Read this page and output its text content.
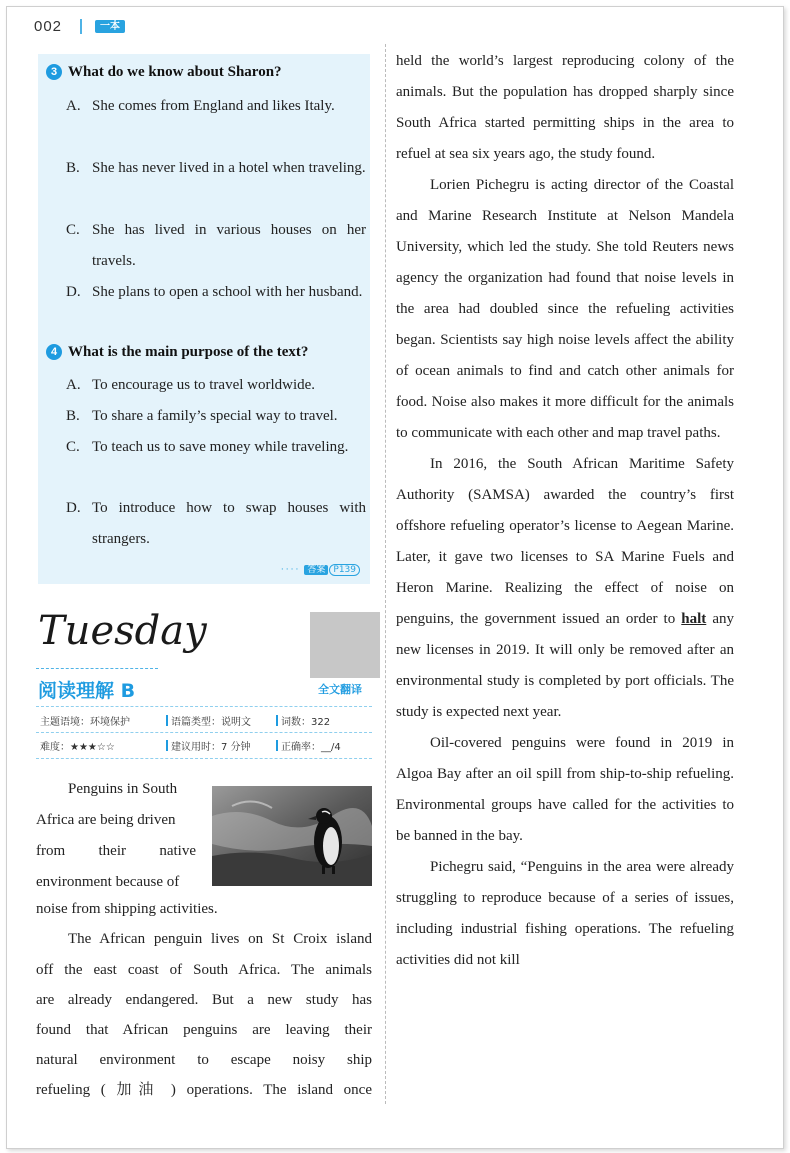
002	一本
3 What do we know about Sharon?
A. She comes from England and likes Italy.
B. She has never lived in a hotel when traveling.
C. She has lived in various houses on her travels.
D. She plans to open a school with her husband.
4 What is the main purpose of the text?
A. To encourage us to travel worldwide.
B. To share a family’s special way to travel.
C. To teach us to save money while traveling.
D. To introduce how to swap houses with strangers.
···· 答案 P139
Tuesday
阅读理解 B	全文翻译
主题语境：环境保护	语篇类型：说明文	词数：322
难度：★★★☆☆	建议用时：7 分钟	正确率：__/4
Penguins in South
Africa are being driven
from their native
environment because of
noise from shipping activities.
The African penguin lives on St Croix island
off the east coast of South Africa. The animals
are already endangered. But a new study has
found that African penguins are leaving their
natural environment to escape noisy ship
refueling ( 加油 ) operations. The island once

held the world’s largest reproducing colony of the animals. But the population has dropped sharply since South Africa started permitting ships in the area to refuel at sea six years ago, the study found.

Lorien Pichegru is acting director of the Coastal and Marine Research Institute at Nelson Mandela University, which led the study. She told Reuters news agency the organization had found that noise levels in the area had doubled since the refueling activities began. Scientists say high noise levels affect the ability of ocean animals to find and catch other animals for food. Noise also makes it more difficult for the animals to communicate with each other and map travel paths.

In 2016, the South African Maritime Safety Authority (SAMSA) awarded the country’s first offshore refueling operator’s license to Aegean Marine. Later, it gave two licenses to SA Marine Fuels and Heron Marine. Realizing the effect of noise on penguins, the government issued an order to halt any new licenses in 2019. It will only be removed after an environmental study is completed by port officials. The study is expected next year.

Oil-covered penguins were found in 2019 in Algoa Bay after an oil spill from ship-to-ship refueling. Environmental groups have called for the activities to be banned in the bay.

Pichegru said, “Penguins in the area were already struggling to reproduce because of a series of issues, including industrial fishing operations. The refueling activities did not kill
